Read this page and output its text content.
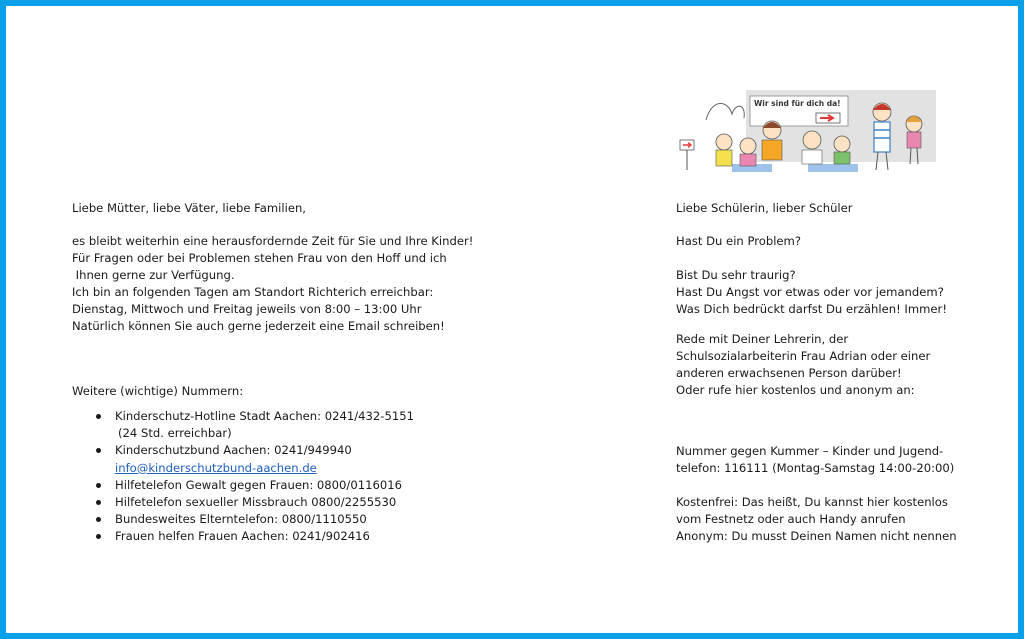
Wir sind für dich da!

Liebe Mütter, liebe Väter, liebe Familien,

es bleibt weiterhin eine herausfordernde Zeit für Sie und Ihre Kinder!

Für Fragen oder bei Problemen stehen Frau von den Hoff und ich

Ihnen gerne zur Verfügung.

Ich bin an folgenden Tagen am Standort Richterich erreichbar:

Dienstag, Mittwoch und Freitag jeweils von 8:00 – 13:00 Uhr

Natürlich können Sie auch gerne jederzeit eine Email schreiben!

Weitere (wichtige) Nummern:

Kinderschutz-Hotline Stadt Aachen: 0241/432-5151
(24 Std. erreichbar)
Kinderschutzbund Aachen: 0241/949940
info@kinderschutzbund-aachen.de
Hilfetelefon Gewalt gegen Frauen: 0800/0116016
Hilfetelefon sexueller Missbrauch 0800/2255530
Bundesweites Elterntelefon: 0800/1110550
Frauen helfen Frauen Aachen: 0241/902416

Liebe Schülerin, lieber Schüler

Hast Du ein Problem?

Bist Du sehr traurig?

Hast Du Angst vor etwas oder vor jemandem?

Was Dich bedrückt darfst Du erzählen! Immer!

Rede mit Deiner Lehrerin, der

Schulsozialarbeiterin Frau Adrian oder einer

anderen erwachsenen Person darüber!

Oder rufe hier kostenlos und anonym an:

Nummer gegen Kummer – Kinder und Jugend-

telefon: 116111 (Montag-Samstag 14:00-20:00)

Kostenfrei: Das heißt, Du kannst hier kostenlos

vom Festnetz oder auch Handy anrufen

Anonym: Du musst Deinen Namen nicht nennen
